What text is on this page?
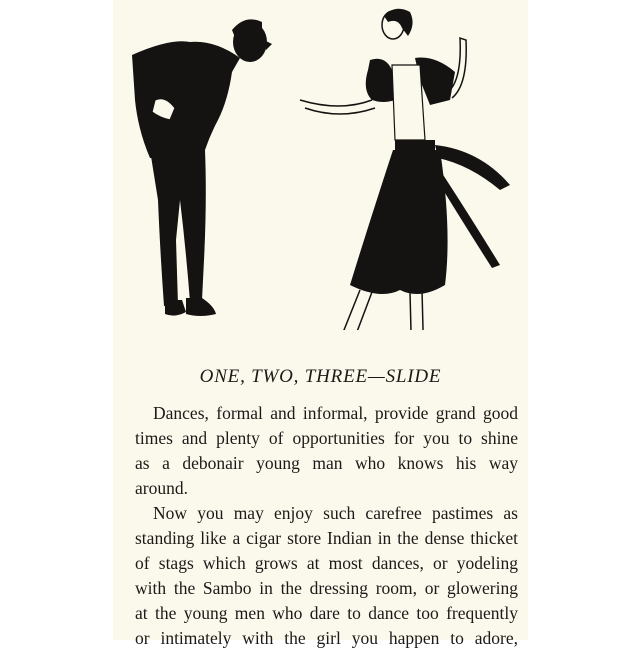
ONE, TWO, THREE—SLIDE
Dances, formal and informal, provide grand good
times and plenty of opportunities for you to shine
as a debonair young man who knows his way
around.
Now you may enjoy such carefree pastimes as
standing like a cigar store Indian in the dense thicket
of stags which grows at most dances, or yodeling
with the Sambo in the dressing room, or glowering
at the young men who dare to dance too frequently
or intimately with the girl you happen to adore,
